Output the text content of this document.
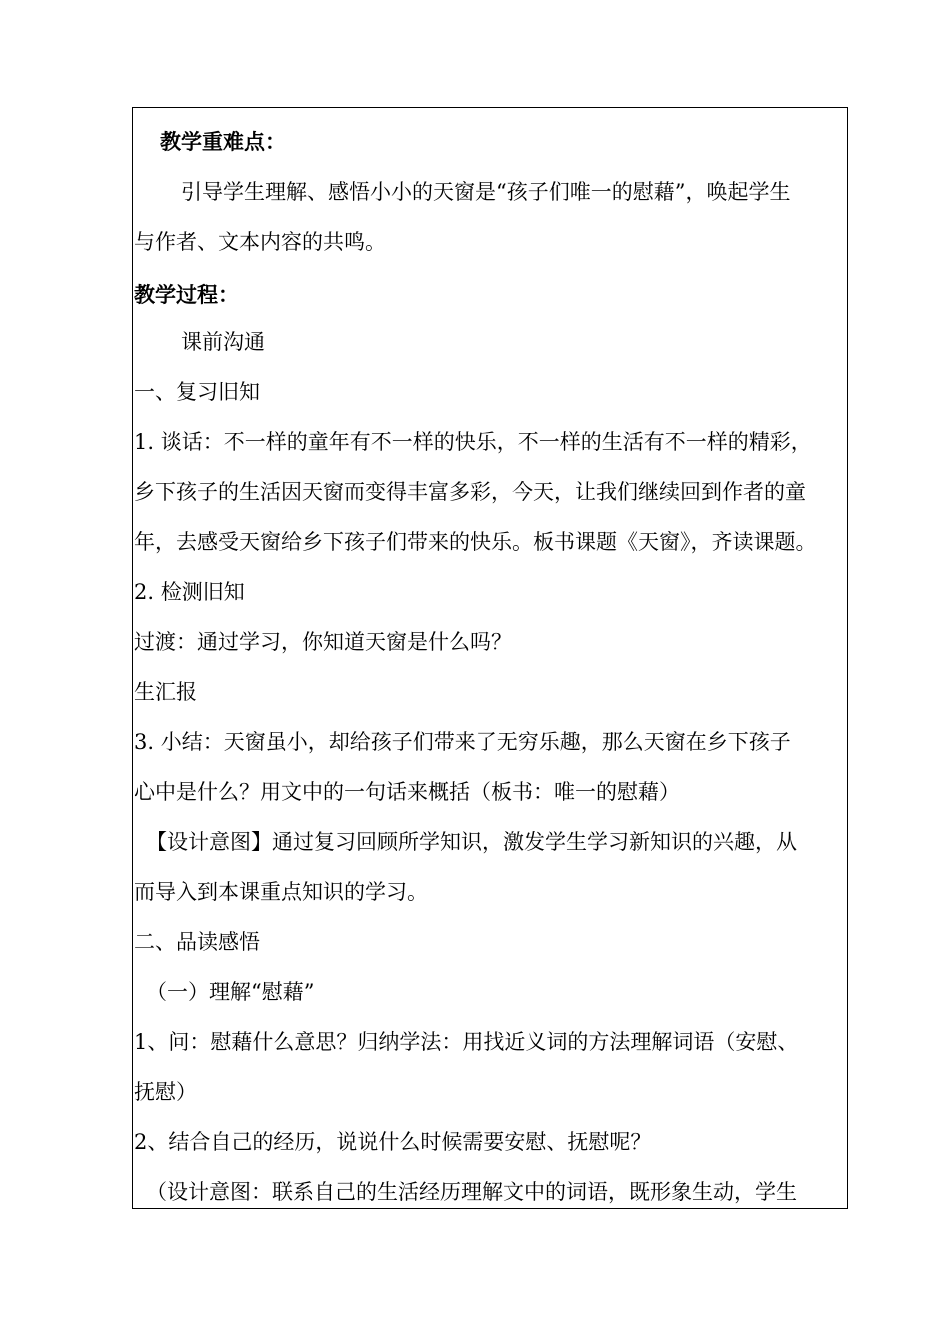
教学重难点：
引导学生理解、感悟小小的天窗是“孩子们唯一的慰藉”，唤起学生
与作者、文本内容的共鸣。
教学过程：
课前沟通
一、复习旧知
1. 谈话：不一样的童年有不一样的快乐，不一样的生活有不一样的精彩，
乡下孩子的生活因天窗而变得丰富多彩，今天，让我们继续回到作者的童
年，去感受天窗给乡下孩子们带来的快乐。板书课题《天窗》，齐读课题。
2. 检测旧知
过渡：通过学习，你知道天窗是什么吗？
生汇报
3. 小结：天窗虽小，却给孩子们带来了无穷乐趣，那么天窗在乡下孩子
心中是什么？用文中的一句话来概括（板书：唯一的慰藉）
【设计意图】通过复习回顾所学知识，激发学生学习新知识的兴趣，从
而导入到本课重点知识的学习。
二、品读感悟
（一）理解“慰藉”
1、问：慰藉什么意思？归纳学法：用找近义词的方法理解词语（安慰、
抚慰）
2、结合自己的经历，说说什么时候需要安慰、抚慰呢？
（设计意图：联系自己的生活经历理解文中的词语，既形象生动，学生
